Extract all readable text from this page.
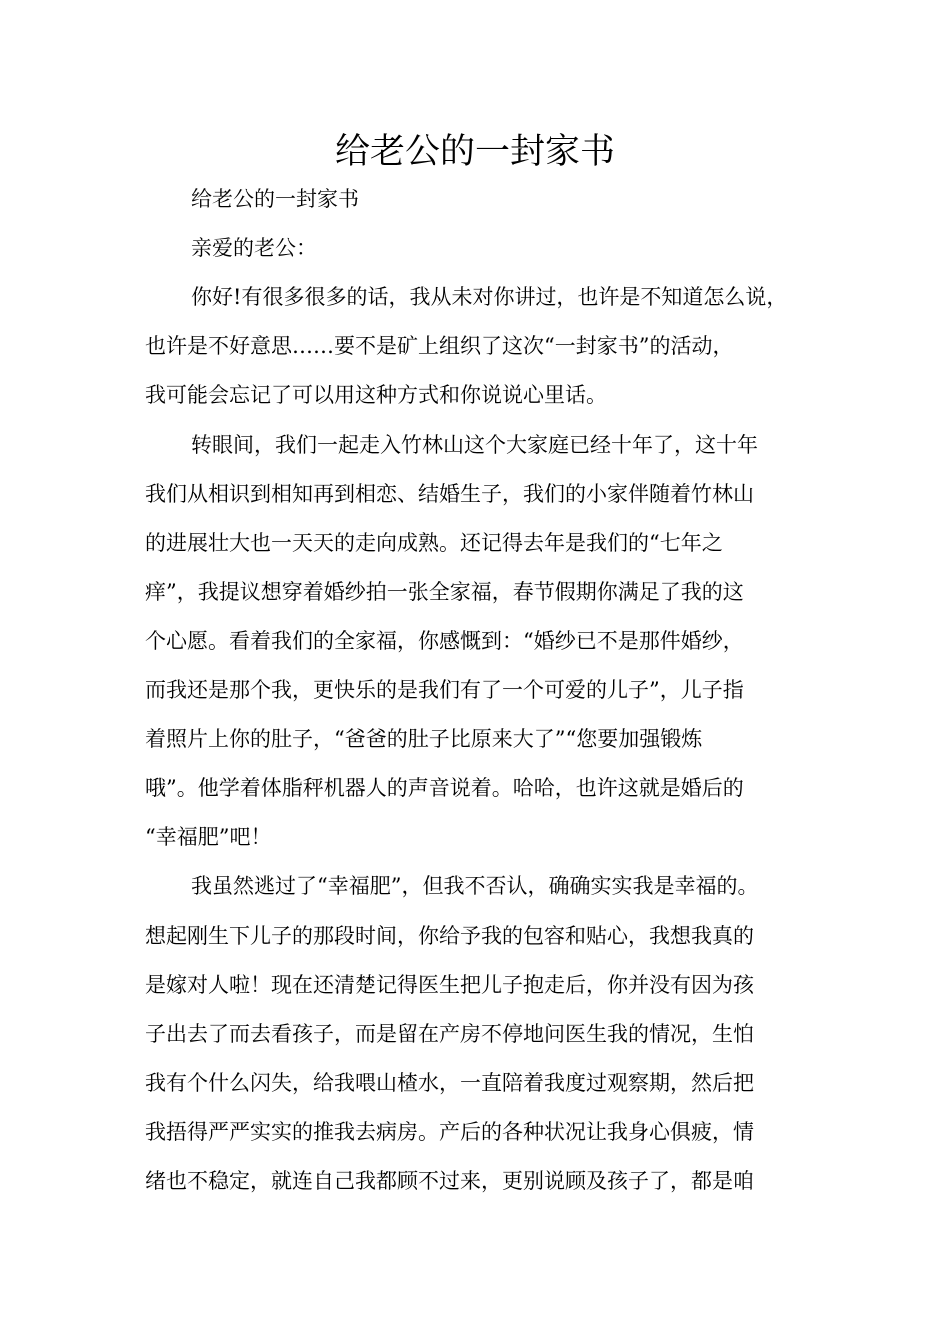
给老公的一封家书

给老公的一封家书

亲爱的老公：

你好!有很多很多的话，我从未对你讲过，也许是不知道怎么说，

也许是不好意思……要不是矿上组织了这次“一封家书”的活动，

我可能会忘记了可以用这种方式和你说说心里话。

转眼间，我们一起走入竹林山这个大家庭已经十年了，这十年

我们从相识到相知再到相恋、结婚生子，我们的小家伴随着竹林山

的进展壮大也一天天的走向成熟。还记得去年是我们的“七年之

痒”，我提议想穿着婚纱拍一张全家福，春节假期你满足了我的这

个心愿。看着我们的全家福，你感慨到：“婚纱已不是那件婚纱，

而我还是那个我，更快乐的是我们有了一个可爱的儿子”，儿子指

着照片上你的肚子，“爸爸的肚子比原来大了”“您要加强锻炼

哦”。他学着体脂秤机器人的声音说着。哈哈，也许这就是婚后的

“幸福肥”吧！

我虽然逃过了“幸福肥”，但我不否认，确确实实我是幸福的。

想起刚生下儿子的那段时间，你给予我的包容和贴心，我想我真的

是嫁对人啦！现在还清楚记得医生把儿子抱走后，你并没有因为孩

子出去了而去看孩子，而是留在产房不停地问医生我的情况，生怕

我有个什么闪失，给我喂山楂水，一直陪着我度过观察期，然后把

我捂得严严实实的推我去病房。产后的各种状况让我身心俱疲，情

绪也不稳定，就连自己我都顾不过来，更别说顾及孩子了，都是咱
